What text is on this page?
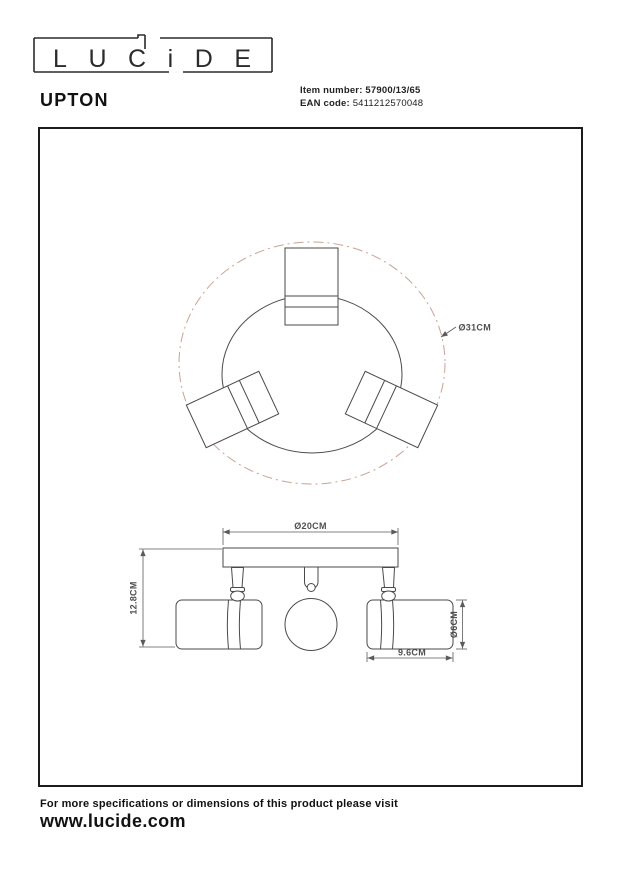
LUCiDE
UPTON	Item number: 57900/13/65
EAN code: 5411212570048
Ø31CM
Ø20CM
12.8CM
Ø6CM
9.6CM
For more specifications or dimensions of this product please visit
www.lucide.com
